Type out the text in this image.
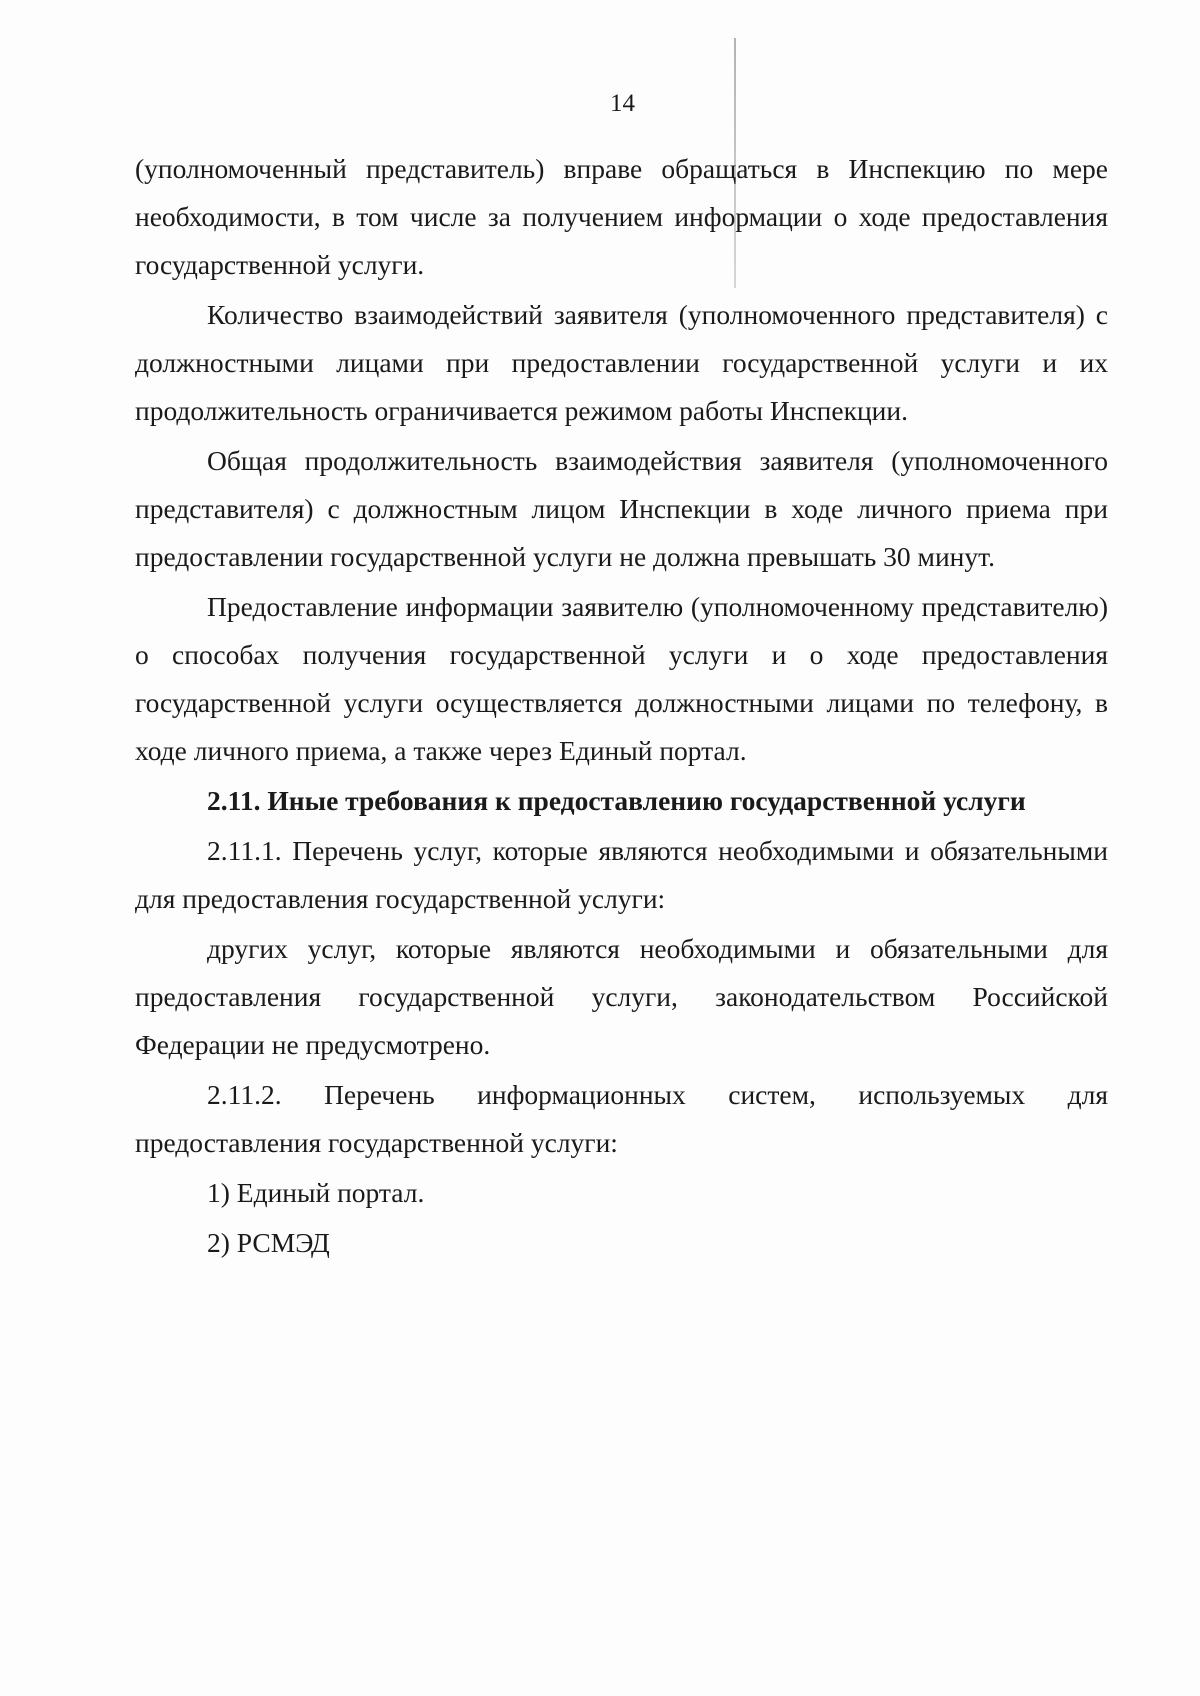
14

(уполномоченный представитель) вправе обращаться в Инспекцию по мере необходимости, в том числе за получением информации о ходе предоставления государственной услуги.

Количество взаимодействий заявителя (уполномоченного представителя) с должностными лицами при предоставлении государственной услуги и их продолжительность ограничивается режимом работы Инспекции.

Общая продолжительность взаимодействия заявителя (уполномоченного представителя) с должностным лицом Инспекции в ходе личного приема при предоставлении государственной услуги не должна превышать 30 минут.

Предоставление информации заявителю (уполномоченному представителю) о способах получения государственной услуги и о ходе предоставления государственной услуги осуществляется должностными лицами по телефону, в ходе личного приема, а также через Единый портал.

2.11. Иные требования к предоставлению государственной услуги

2.11.1. Перечень услуг, которые являются необходимыми и обязательными для предоставления государственной услуги:

других услуг, которые являются необходимыми и обязательными для предоставления государственной услуги, законодательством Российской Федерации не предусмотрено.

2.11.2. Перечень информационных систем, используемых для предоставления государственной услуги:

1) Единый портал.

2) РСМЭД
